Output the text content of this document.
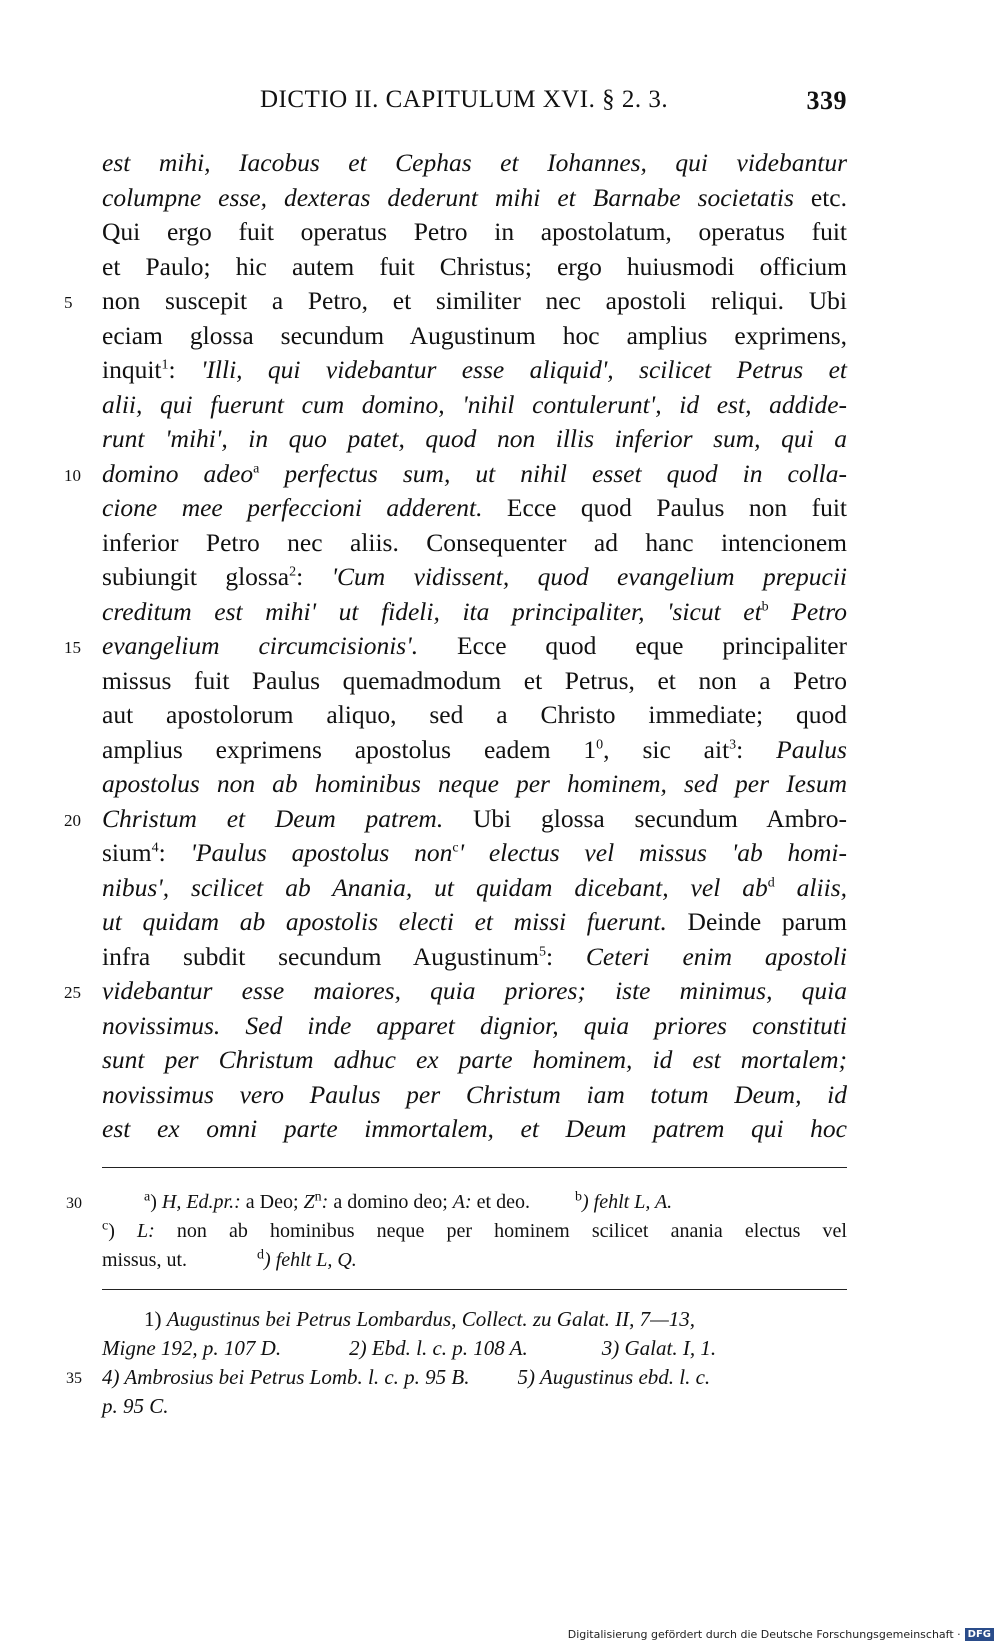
DICTIO II. CAPITULUM XVI. § 2. 3.	339
est mihi, Iacobus et Cephas et Iohannes, qui videbantur
columpne esse, dexteras dederunt mihi et Barnabe societatis etc.
Qui ergo fuit operatus Petro in apostolatum, operatus fuit
et Paulo; hic autem fuit Christus; ergo huiusmodi officium
5 non suscepit a Petro, et similiter nec apostoli reliqui. Ubi
eciam glossa secundum Augustinum hoc amplius exprimens,
inquit$^1$: 'Illi, qui videbantur esse aliquid', scilicet Petrus et
alii, qui fuerunt cum domino, 'nihil contulerunt', id est, addide-
runt 'mihi', in quo patet, quod non illis inferior sum, qui a
10 domino adeo$^a$ perfectus sum, ut nihil esset quod in colla-
cione mee perfeccioni adderent. Ecce quod Paulus non fuit
inferior Petro nec aliis. Consequenter ad hanc intencionem
subiungit glossa$^2$: 'Cum vidissent, quod evangelium prepucii
creditum est mihi' ut fideli, ita principaliter, 'sicut $et^b$ Petro
15 evangelium circumcisionis'. Ecce quod eque principaliter
missus fuit Paulus quemadmodum et Petrus, et non a Petro
aut apostolorum aliquo, sed a Christo immediate; quod
amplius exprimens apostolus eadem $1^0$, sic ait$^3$: Paulus
apostolus non ab hominibus neque per hominem, sed per Iesum
20 Christum et Deum patrem. Ubi glossa secundum Ambro-
sium$^4$: 'Paulus apostolus non$^c$' electus vel missus 'ab homi-
nibus', scilicet ab Anania, ut quidam dicebant, vel $ab^d$ aliis,
ut quidam ab apostolis electi et missi fuerunt. Deinde parum
infra subdit secundum Augustinum$^5$: Ceteri enim apostoli
25 videbantur esse maiores, quia priores; iste minimus, quia
novissimus. Sed inde apparet dignior, quia priores constituti
sunt per Christum adhuc ex parte hominem, id est mortalem;
novissimus vero Paulus per Christum iam totum Deum, id
est ex omni parte immortalem, et Deum patrem qui hoc
30	$^a$) H, Ed.pr.: a Deo; $Z^n$: a domino deo; A: et deo.	$^b$) fehlt L, A.
$^c$) L: non ab hominibus neque per hominem scilicet anania electus vel
missus, ut.	$^d$) fehlt L, Q.
1) Augustinus bei Petrus Lombardus, Collect. zu Galat. II, 7—13,
Migne 192, p. 107 D.	2) Ebd. l. c. p. 108 A.	3) Galat. I, 1.
35 4) Ambrosius bei Petrus Lomb. l. c. p. 95 B. 5) Augustinus ebd. l. c.
p. 95 C.
Digitalisierung gefördert durch die Deutsche Forschungsgemeinschaft · DFG
